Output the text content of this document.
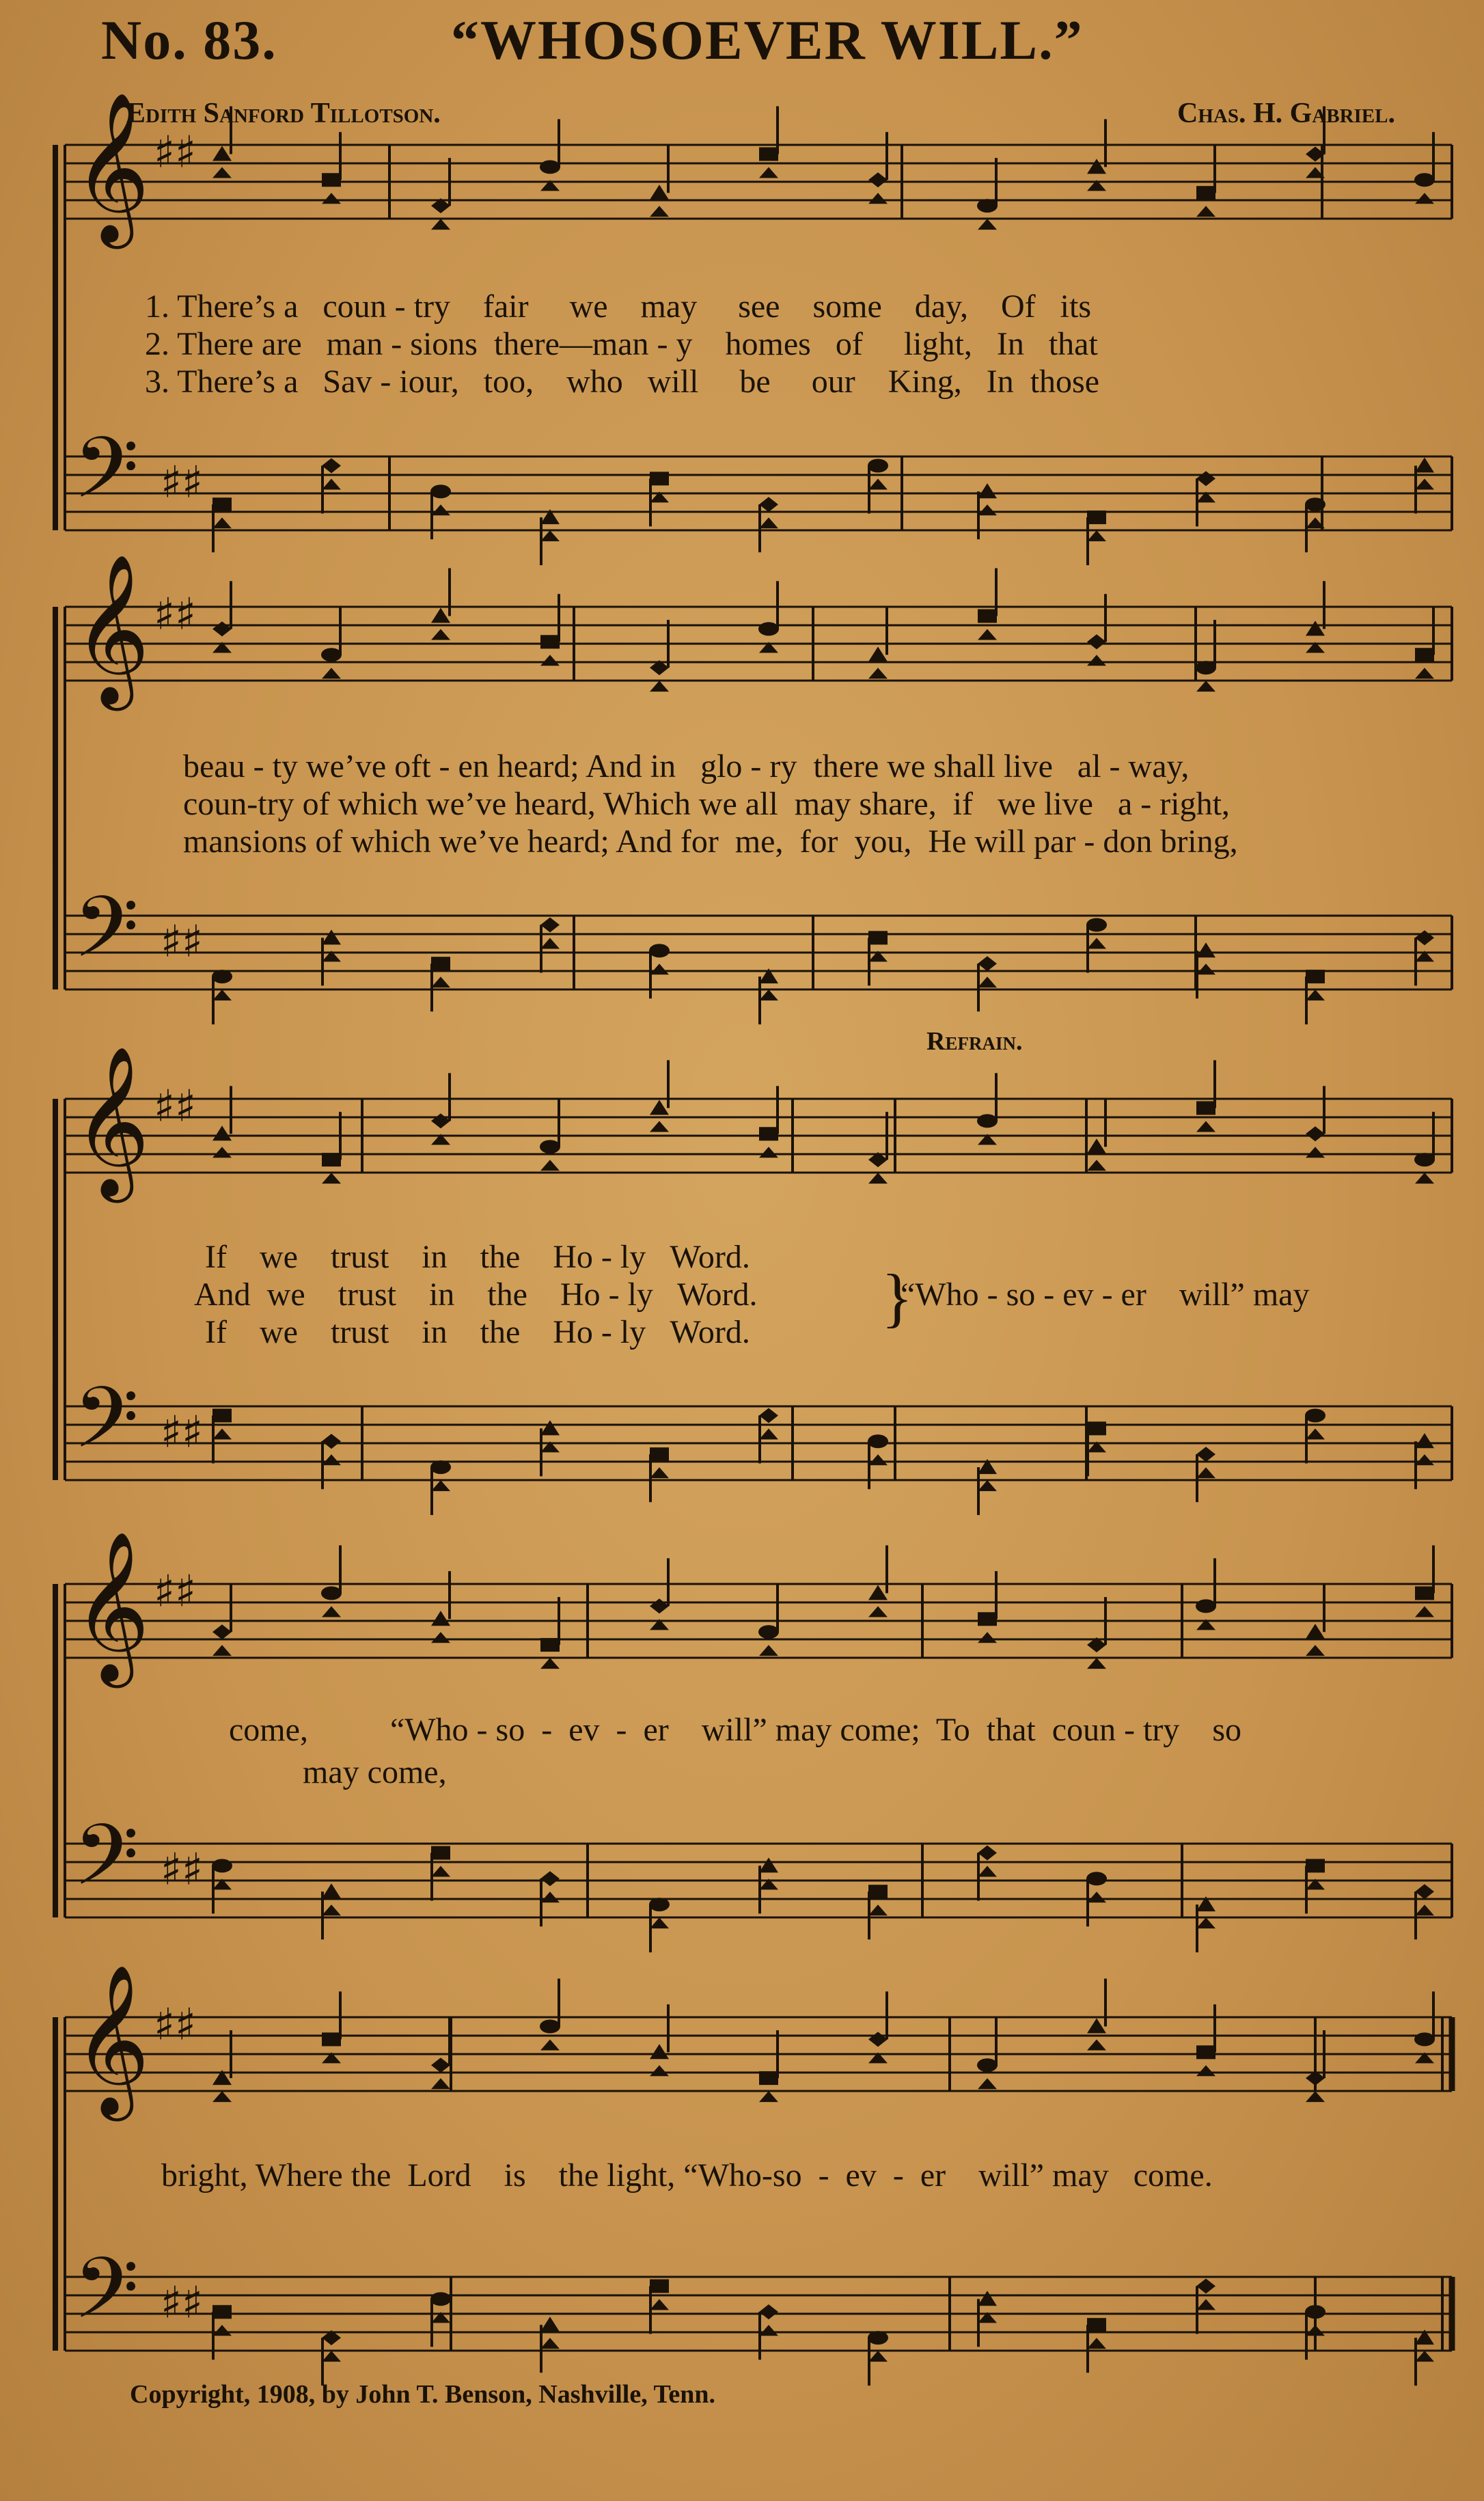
No. 83.	“WHOSOEVER WILL.”
Edith Sanford Tillotson.	Chas. H. Gabriel.
𝄞 ♯♯
𝄢 ♯♯
𝄞 ♯♯
𝄢 ♯♯
𝄞 ♯♯
𝄢 ♯♯
𝄞 ♯♯
𝄢 ♯♯
𝄞 ♯♯
𝄢 ♯♯
1. There’s a   coun - try    fair     we    may     see    some    day,    Of   its
2. There are   man - sions  there—man - y    homes   of     light,   In   that
3. There’s a   Sav - iour,   too,    who   will     be     our    King,   In  those
beau - ty we’ve oft - en heard; And in   glo - ry  there we shall live   al - way,
coun-try of which we’ve heard, Which we all  may share,  if   we live   a - right,
mansions of which we’ve heard; And for  me,  for  you,  He will par - don bring,
Refrain.
If    we    trust    in    the    Ho - ly   Word.
And  we    trust    in    the    Ho - ly   Word.
If    we    trust    in    the    Ho - ly   Word. }
“Who - so - ev - er    will” may
come,          “Who - so  -  ev  -  er    will” may come;  To  that  coun - try    so
may come,
bright, Where the  Lord    is    the light, “Who-so  -  ev  -  er    will” may   come.
Copyright, 1908, by John T. Benson, Nashville, Tenn.
